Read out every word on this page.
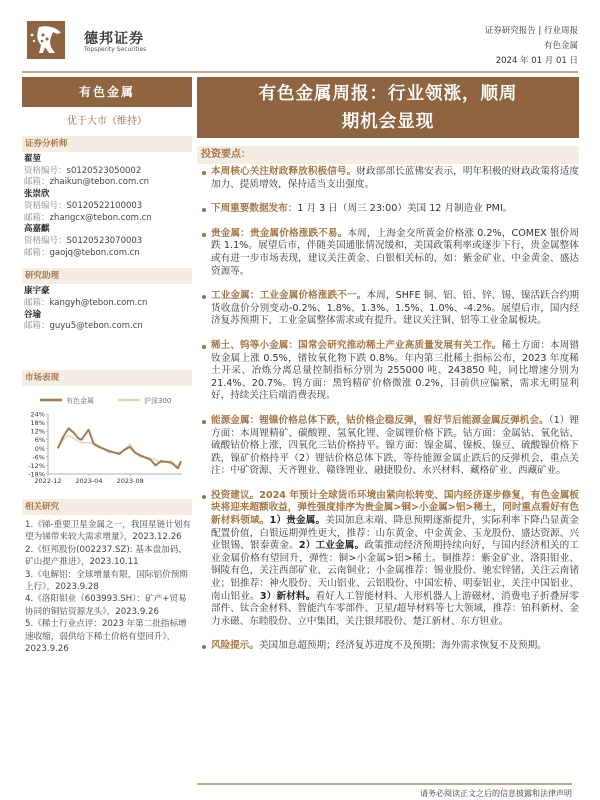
德邦证券
Topsperity Securities
证券研究报告 | 行业周报
有色金属
2024 年 01 月 01 日
有色金属
优于大市（维持）
有色金属周报：行业领涨，顺周
期机会显现
证券分析师
翟堃
资格编号：s0120523050002
邮箱：zhaikun@tebon.com.cn
张崇欣
资格编号：S0120522100003
邮箱：zhangcx@tebon.com.cn
高嘉麒
资格编号：S0120523070003
邮箱：gaojq@tebon.com.cn
研究助理
康宇豪
邮箱：kangyh@tebon.com.cn
谷瑜
邮箱：guyu5@tebon.com.cn
市场表现
有色金属	沪深300
24%
18%
12%
6%
0%
-6%
-12%
-18%
2022-12 2023-04 2023-08
相关研究
1.《锑-重要卫星金属之一，我国星链计划有望为锑带来较大需求增量》，2023.12.26
2.《恒邦股份(002237.SZ): 基本盘加码，矿山提产推进》，2023.10.11
3.《电解铝：全球增量有限，国际铝价预期上行》，2023.9.28
4.《洛阳钼业（603993.SH）：矿产+贸易协同的铜钴资源龙头》，2023.9.26
5.《稀土行业点评：2023 年第二批指标增速收缩，弱供给下稀土价格有望回升》，2023.9.26
投资要点：
本周核心关注财政释放积极信号。财政部部长蓝佛安表示，明年积极的财政政策将适度加力、提质增效，保持适当支出强度。
下周重要数据发布：1 月 3 日（周三 23:00）美国 12 月制造业 PMI。
贵金属：贵金属价格涨跌不易。本周，上海金交所黄金价格涨 0.2%，COMEX 银价周跌 1.1%。展望后市，伴随美国通胀情况缓和，美国政策利率或逐步下行，贵金属整体或有进一步市场表现，建议关注黄金、白银相关标的，如：紫金矿业、中金黄金、盛达资源等。
工业金属：工业金属价格涨跌不一。本周，SHFE 铜、铝、铅、锌、锡、镍活跃合约期货收盘价分别变动-0.2%、1.8%、1.3%、1.5%、1.0%、-4.2%。展望后市，国内经济复苏预期下，工业金属整体需求或有提升。建议关注铜、铝等工业金属板块。
稀土、钨等小金属：国常会研究推动稀土产业高质量发展有关工作。稀土方面：本周镨钕金属上涨 0.5%，镨钕氧化物下跌 0.8%。年内第三批稀土指标公布，2023 年度稀土开采、冶炼分离总量控制指标分别为 255000 吨、243850 吨，同比增速分别为 21.4%、20.7%。钨方面：黑钨精矿价格微涨 0.2%，目前供应偏紧，需求无明显利好，持续关注后端消费表现。
能源金属：锂镍价格总体下跌，钴价格企稳反弹，看好节后能源金属反弹机会。（1）锂方面：本周锂精矿、碳酸锂、氢氧化锂、金属锂价格下跌。钴方面：金属钴、氧化钴、硫酸钴价格上涨，四氧化三钴价格持平。镍方面：镍金属、镍板、镍豆、硫酸镍价格下跌，镍矿价格持平（2）锂钴价格总体下跌，等待能源金属止跌后的反弹机会，重点关注：中矿资源、天齐锂业、赣锋锂业、融捷股份、永兴材料、藏格矿业、西藏矿业。
投资建议。2024 年预计全球货币环境由紧向松转变、国内经济逐步修复，有色金属板块将迎来超额收益，弹性强度排序为贵金属>铜>小金属>铝>稀土，同时重点看好有色新材料领域。1）贵金属。美国加息末端、降息预期逐渐提升，实际利率下降凸显黄金配置价值，白银远期弹性更大，推荐：山东黄金、中金黄金、玉龙股份、盛达资源、兴业银锡、银泰黄金。2）工业金属。政策推动经济预期持续向好，与国内经济相关的工业金属价格有望回升，弹性：铜>小金属>铝>稀土。铜推荐：紫金矿业、洛阳钼业、铜陵有色，关注西部矿业、云南铜业；小金属推荐：锡业股份、驰宏锌锗，关注云南锗业；铝推荐：神火股份、天山铝业、云铝股份、中国宏桥、明泰铝业，关注中国铝业、南山铝业。3）新材料。看好人工智能材料、人形机器人上游磁材、消费电子折叠屏零部件、钛合金材料、智能汽车零部件、卫星/超导材料等七大领域，推荐：铂科新材、金力永磁、东睦股份、立中集团，关注银邦股份、楚江新材、东方钽业。
风险提示。美国加息超预期；经济复苏进度不及预期；海外需求恢复不及预期。
请务必阅读正文之后的信息披露和法律声明
